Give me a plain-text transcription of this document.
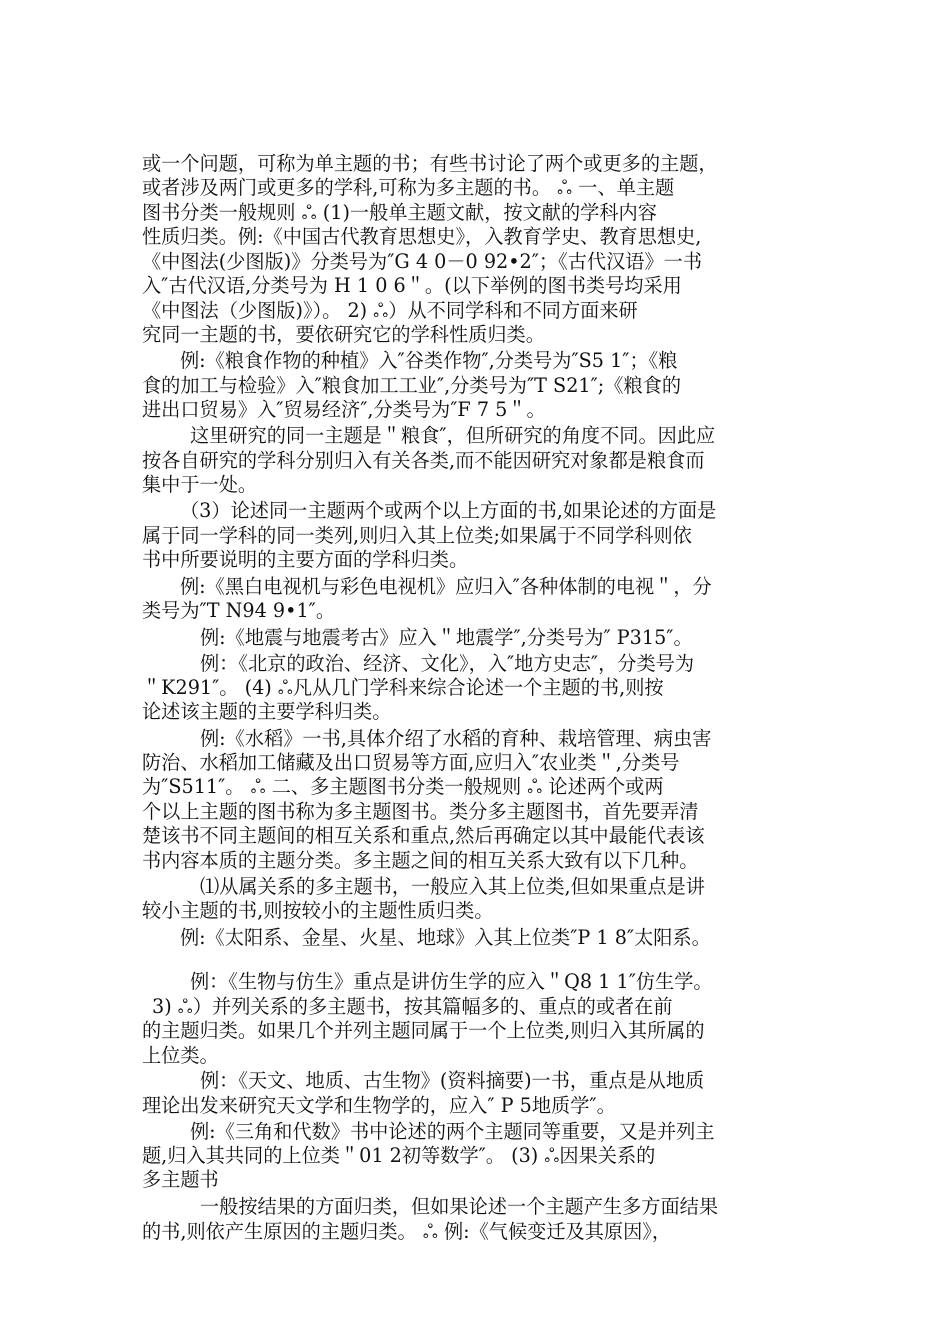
或一个问题，可称为单主题的书；有些书讨论了两个或更多的主题，
或者涉及两门或更多的学科,可称为多主题的书。 ஃ 一、单主题
图书分类一般规则 ஃ (1)一般单主题文献，按文献的学科内容
性质归类。例:《中国古代教育思想史》，入教育学史、教育思想史,
《中图法(少图版)》分类号为″G 4 0－0 92•2″；《古代汉语》一书
入″古代汉语,分类号为 H 1 0 6＂。(以下举例的图书类号均采用
《中图法（少图版)》）。 2) ஃ）从不同学科和不同方面来研
究同一主题的书，要依研究它的学科性质归类。
例:《粮食作物的种植》入″谷类作物″,分类号为″S5 1″；《粮
食的加工与检验》入″粮食加工工业″,分类号为″T S21″;《粮食的
进出口贸易》入″贸易经济″,分类号为″F 7 5＂。
这里研究的同一主题是＂粮食″，但所研究的角度不同。因此应
按各自研究的学科分别归入有关各类,而不能因研究对象都是粮食而
集中于一处。
（3）论述同一主题两个或两个以上方面的书,如果论述的方面是
属于同一学科的同一类列,则归入其上位类;如果属于不同学科则依
书中所要说明的主要方面的学科归类。
例:《黑白电视机与彩色电视机》应归入″各种体制的电视＂，分
类号为″T N94 9•1″。
例:《地震与地震考古》应入＂地震学″,分类号为″ P315″。
例：《北京的政治、经济、文化》，入″地方史志″，分类号为
＂K291″。 (4) ஃ凡从几门学科来综合论述一个主题的书,则按
论述该主题的主要学科归类。
例:《水稻》一书,具体介绍了水稻的育种、栽培管理、病虫害
防治、水稻加工储藏及出口贸易等方面,应归入″农业类＂,分类号
为″S511″。 ஃ 二、多主题图书分类一般规则 ஃ 论述两个或两
个以上主题的图书称为多主题图书。类分多主题图书，首先要弄清
楚该书不同主题间的相互关系和重点,然后再确定以其中最能代表该
书内容本质的主题分类。多主题之间的相互关系大致有以下几种。
⑴从属关系的多主题书，一般应入其上位类,但如果重点是讲
较小主题的书,则按较小的主题性质归类。
例:《太阳系、金星、火星、地球》入其上位类″P 1 8″太阳系。
例：《生物与仿生》重点是讲仿生学的应入＂Q8 1 1″仿生学。
3) ஃ）并列关系的多主题书，按其篇幅多的、重点的或者在前
的主题归类。如果几个并列主题同属于一个上位类,则归入其所属的
上位类。
例：《天文、地质、古生物》(资料摘要)一书，重点是从地质
理论出发来研究天文学和生物学的，应入″ P 5地质学″。
例:《三角和代数》书中论述的两个主题同等重要，又是并列主
题,归入其共同的上位类＂01 2初等数学″。 (3) ஃ因果关系的
多主题书
一般按结果的方面归类，但如果论述一个主题产生多方面结果
的书,则依产生原因的主题归类。 ஃ 例:《气候变迁及其原因》，
